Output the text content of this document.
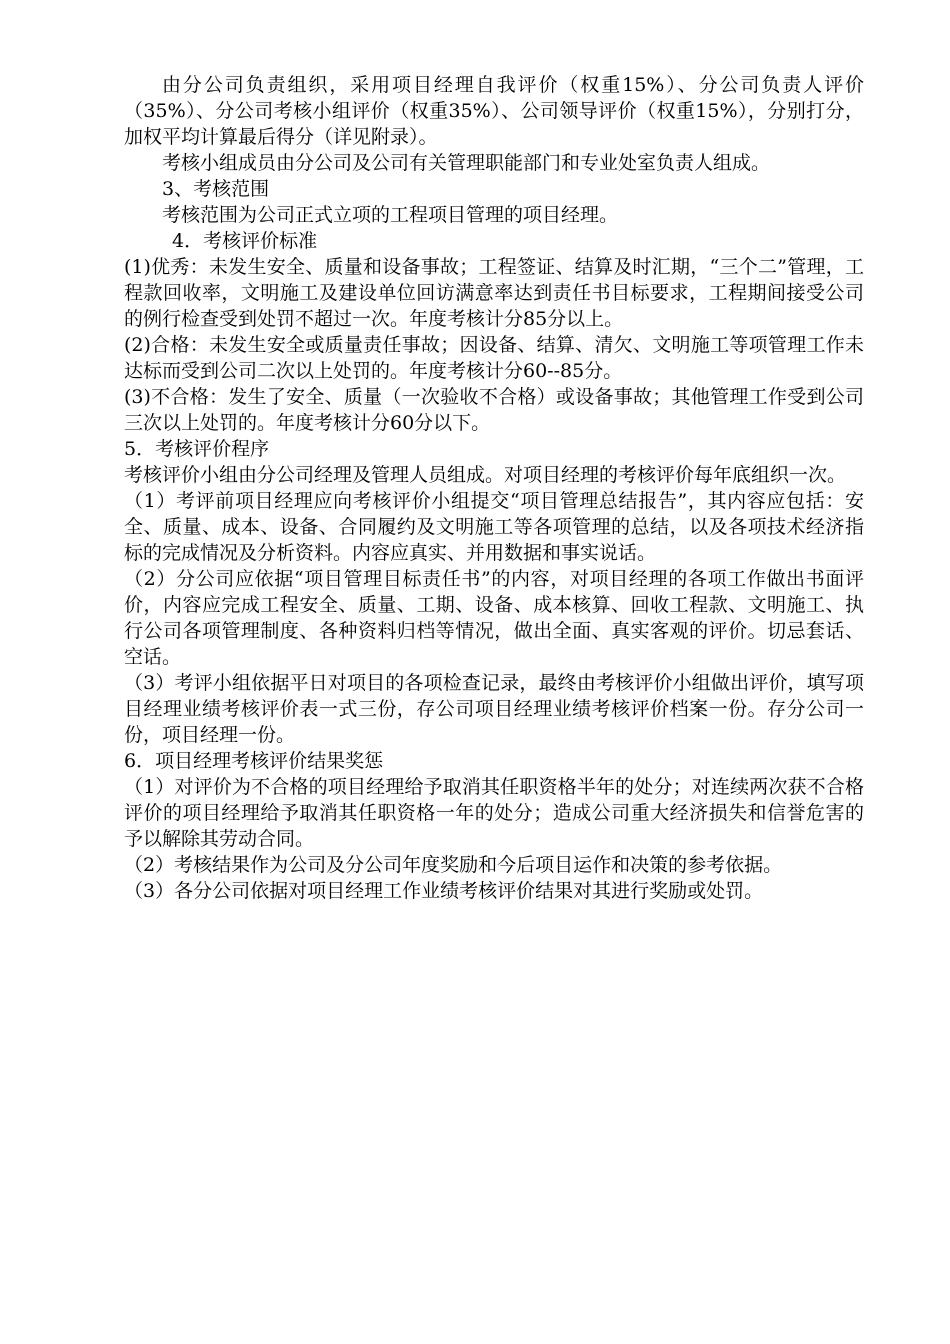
由分公司负责组织，采用项目经理自我评价（权重15%）、分公司负责人评价（35%）、分公司考核小组评价（权重35%）、公司领导评价（权重15%），分别打分，加权平均计算最后得分（详见附录）。

考核小组成员由分公司及公司有关管理职能部门和专业处室负责人组成。

3、考核范围

考核范围为公司正式立项的工程项目管理的项目经理。

4．考核评价标准

(1)优秀：未发生安全、质量和设备事故；工程签证、结算及时汇期，“三个二”管理，工程款回收率，文明施工及建设单位回访满意率达到责任书目标要求，工程期间接受公司的例行检查受到处罚不超过一次。年度考核计分85分以上。

(2)合格：未发生安全或质量责任事故；因设备、结算、清欠、文明施工等项管理工作未达标而受到公司二次以上处罚的。年度考核计分60--85分。

(3)不合格：发生了安全、质量（一次验收不合格）或设备事故；其他管理工作受到公司三次以上处罚的。年度考核计分60分以下。

5．考核评价程序

考核评价小组由分公司经理及管理人员组成。对项目经理的考核评价每年底组织一次。

（1）考评前项目经理应向考核评价小组提交“项目管理总结报告”，其内容应包括：安全、质量、成本、设备、合同履约及文明施工等各项管理的总结，以及各项技术经济指标的完成情况及分析资料。内容应真实、并用数据和事实说话。

（2）分公司应依据“项目管理目标责任书”的内容，对项目经理的各项工作做出书面评价，内容应完成工程安全、质量、工期、设备、成本核算、回收工程款、文明施工、执行公司各项管理制度、各种资料归档等情况，做出全面、真实客观的评价。切忌套话、空话。

（3）考评小组依据平日对项目的各项检查记录，最终由考核评价小组做出评价，填写项目经理业绩考核评价表一式三份，存公司项目经理业绩考核评价档案一份。存分公司一份，项目经理一份。

6．项目经理考核评价结果奖惩

（1）对评价为不合格的项目经理给予取消其任职资格半年的处分；对连续两次获不合格评价的项目经理给予取消其任职资格一年的处分；造成公司重大经济损失和信誉危害的予以解除其劳动合同。

（2）考核结果作为公司及分公司年度奖励和今后项目运作和决策的参考依据。

（3）各分公司依据对项目经理工作业绩考核评价结果对其进行奖励或处罚。
